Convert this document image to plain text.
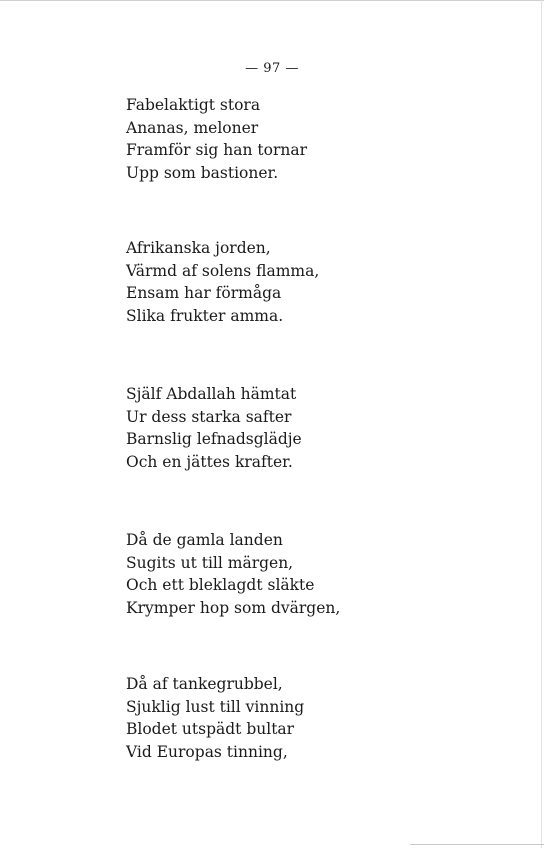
— 97 —
Fabelaktigt stora
Ananas, meloner
Framför sig han tornar
Upp som bastioner.
Afrikanska jorden,
Värmd af solens flamma,
Ensam har förmåga
Slika frukter amma.
Själf Abdallah hämtat
Ur dess starka safter
Barnslig lefnadsglädje
Och en jättes krafter.
Då de gamla landen
Sugits ut till märgen,
Och ett bleklagdt släkte
Krymper hop som dvärgen,
Då af tankegrubbel,
Sjuklig lust till vinning
Blodet utspädt bultar
Vid Europas tinning,
